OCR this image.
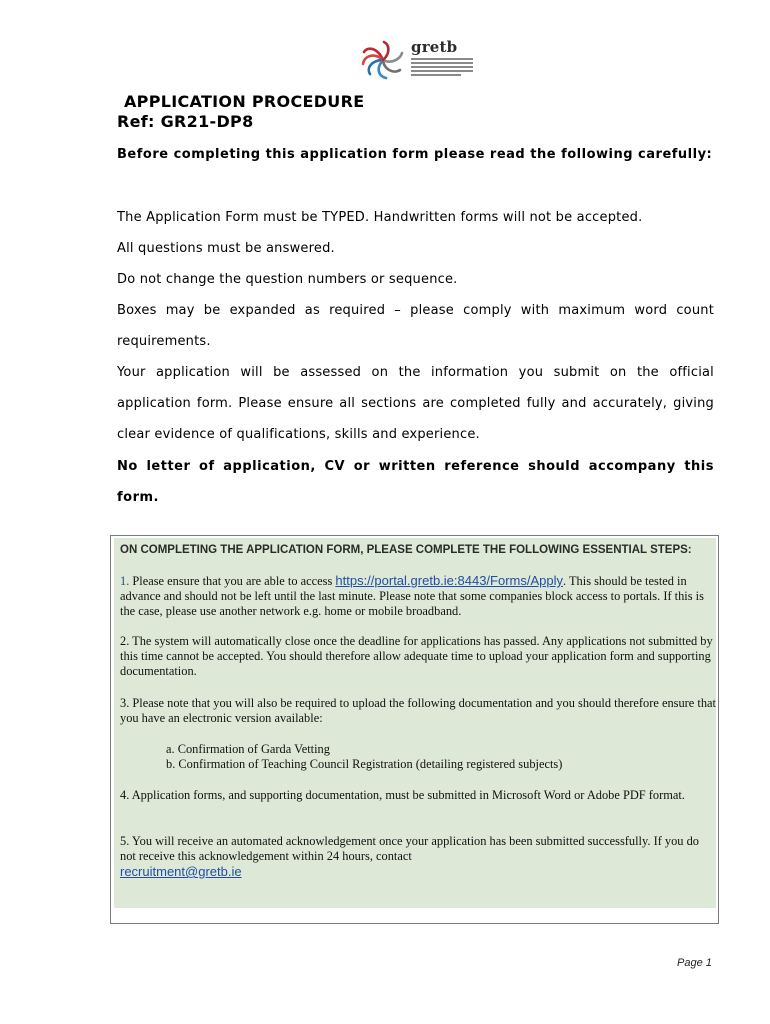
gretb
APPLICATION PROCEDURE
Ref: GR21-DP8

Before completing this application form please read the following carefully:

The Application Form must be TYPED. Handwritten forms will not be accepted.

All questions must be answered.

Do not change the question numbers or sequence.

Boxes may be expanded as required – please comply with maximum word count requirements.

Your application will be assessed on the information you submit on the official application form. Please ensure all sections are completed fully and accurately, giving clear evidence of qualifications, skills and experience.

No letter of application, CV or written reference should accompany this form.

ON COMPLETING THE APPLICATION FORM, PLEASE COMPLETE THE FOLLOWING ESSENTIAL STEPS:

1. Please ensure that you are able to access https://portal.gretb.ie:8443/Forms/Apply. This should be tested in advance and should not be left until the last minute. Please note that some companies block access to portals. If this is the case, please use another network e.g. home or mobile broadband.

2. The system will automatically close once the deadline for applications has passed. Any applications not submitted by this time cannot be accepted. You should therefore allow adequate time to upload your application form and supporting documentation.

3. Please note that you will also be required to upload the following documentation and you should therefore ensure that you have an electronic version available:

a. Confirmation of Garda Vetting
b. Confirmation of Teaching Council Registration (detailing registered subjects)

4. Application forms, and supporting documentation, must be submitted in Microsoft Word or Adobe PDF format.

5. You will receive an automated acknowledgement once your application has been submitted successfully. If you do not receive this acknowledgement within 24 hours, contact
recruitment@gretb.ie

Page 1
